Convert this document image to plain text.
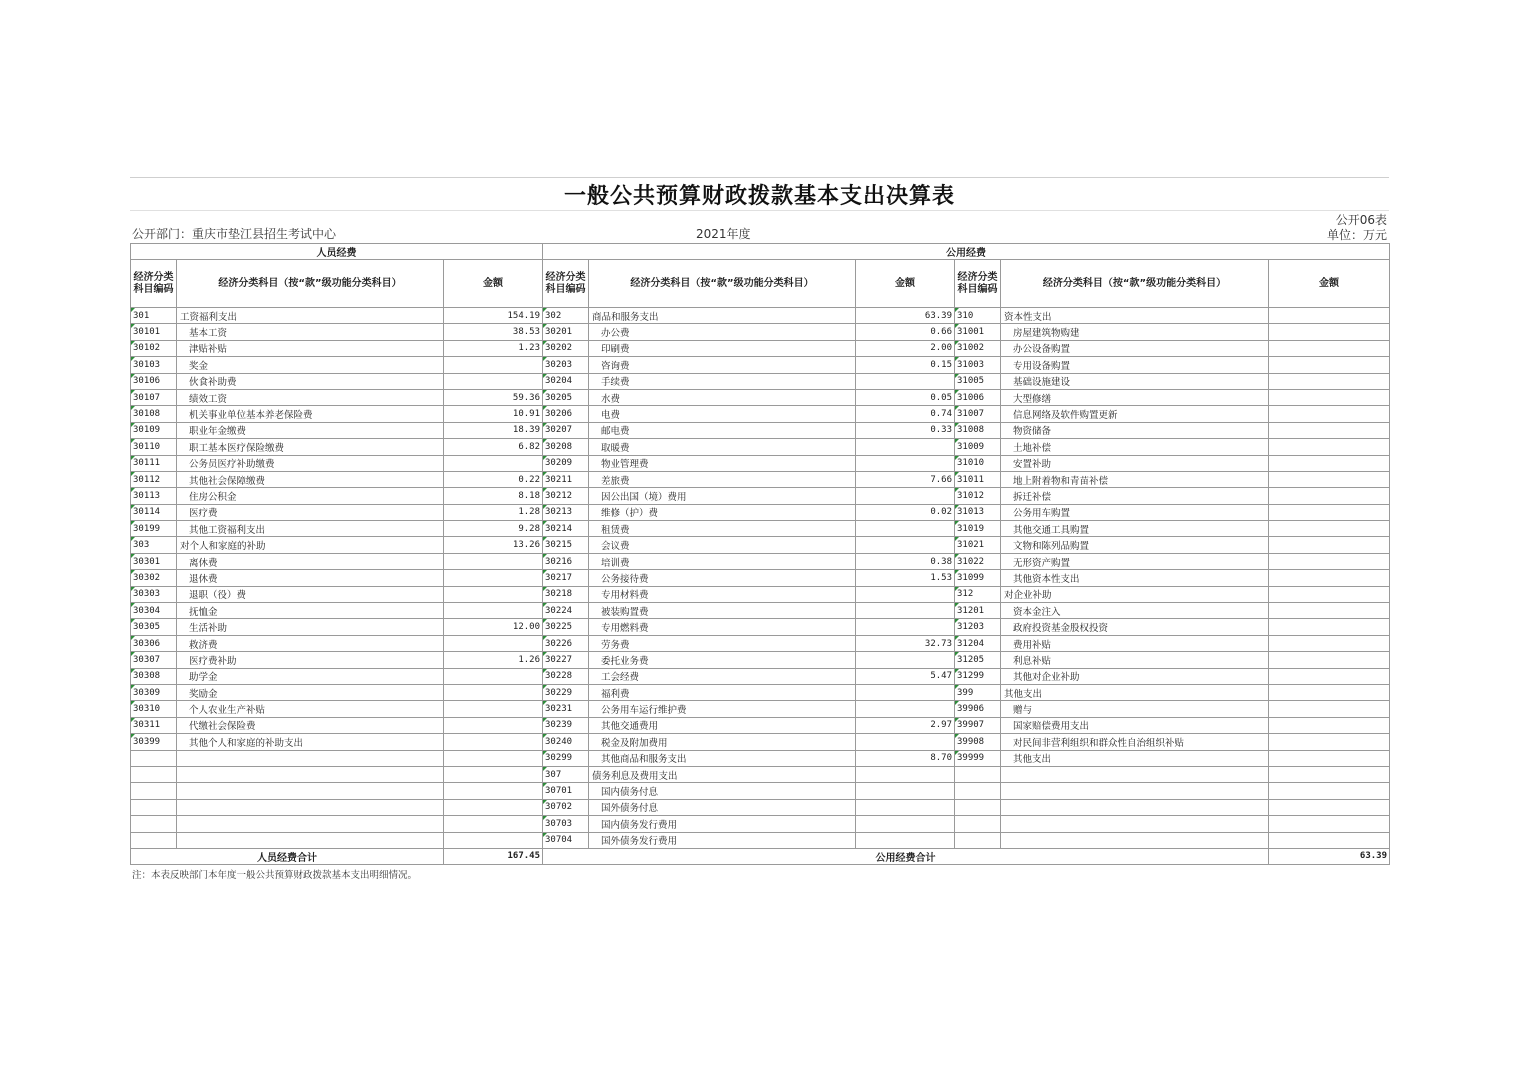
一般公共预算财政拨款基本支出决算表
公开部门：重庆市垫江县招生考试中心	2021年度
公开06表
单位：万元
人员经费			公用经费					
经济分类科目编码	经济分类科目（按“款”级功能分类科目）	金额	经济分类科目编码	经济分类科目（按“款”级功能分类科目）	金额	经济分类科目编码	经济分类科目（按“款”级功能分类科目）	金额
301	工资福利支出	154.19	302	商品和服务支出	63.39	310	资本性支出	
30101	基本工资	38.53	30201	办公费	0.66	31001	房屋建筑物购建	
30102	津贴补贴	1.23	30202	印刷费	2.00	31002	办公设备购置	
30103	奖金		30203	咨询费	0.15	31003	专用设备购置	
30106	伙食补助费		30204	手续费		31005	基础设施建设	
30107	绩效工资	59.36	30205	水费	0.05	31006	大型修缮	
30108	机关事业单位基本养老保险费	10.91	30206	电费	0.74	31007	信息网络及软件购置更新	
30109	职业年金缴费	18.39	30207	邮电费	0.33	31008	物资储备	
30110	职工基本医疗保险缴费	6.82	30208	取暖费		31009	土地补偿	
30111	公务员医疗补助缴费		30209	物业管理费		31010	安置补助	
30112	其他社会保障缴费	0.22	30211	差旅费	7.66	31011	地上附着物和青苗补偿	
30113	住房公积金	8.18	30212	因公出国（境）费用		31012	拆迁补偿	
30114	医疗费	1.28	30213	维修（护）费	0.02	31013	公务用车购置	
30199	其他工资福利支出	9.28	30214	租赁费		31019	其他交通工具购置	
303	对个人和家庭的补助	13.26	30215	会议费		31021	文物和陈列品购置	
30301	离休费		30216	培训费	0.38	31022	无形资产购置	
30302	退休费		30217	公务接待费	1.53	31099	其他资本性支出	
30303	退职（役）费		30218	专用材料费		312	对企业补助	
30304	抚恤金		30224	被装购置费		31201	资本金注入	
30305	生活补助	12.00	30225	专用燃料费		31203	政府投资基金股权投资	
30306	救济费		30226	劳务费	32.73	31204	费用补贴	
30307	医疗费补助	1.26	30227	委托业务费		31205	利息补贴	
30308	助学金		30228	工会经费	5.47	31299	其他对企业补助	
30309	奖励金		30229	福利费		399	其他支出	
30310	个人农业生产补贴		30231	公务用车运行维护费		39906	赠与	
30311	代缴社会保险费		30239	其他交通费用	2.97	39907	国家赔偿费用支出	
30399	其他个人和家庭的补助支出		30240	税金及附加费用		39908	对民间非营利组织和群众性自治组织补贴	
			30299	其他商品和服务支出	8.70	39999	其他支出	
			307	债务利息及费用支出				
			30701	国内债务付息				
			30702	国外债务付息				
			30703	国内债务发行费用				
			30704	国外债务发行费用				
人员经费合计		167.45	公用经费合计					63.39
注：本表反映部门本年度一般公共预算财政拨款基本支出明细情况。
